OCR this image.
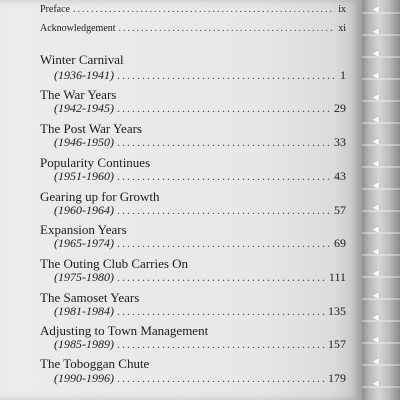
Preface .....	ix
Acknowledgement .....	xi
Winter Carnival
(1936-1941) .....	1
The War Years
(1942-1945) .....	29
The Post War Years
(1946-1950) .....	33
Popularity Continues
(1951-1960) .....	43
Gearing up for Growth
(1960-1964) .....	57
Expansion Years
(1965-1974) .....	69
The Outing Club Carries On
(1975-1980) .....	111
The Samoset Years
(1981-1984) .....	135
Adjusting to Town Management
(1985-1989) .....	157
The Toboggan Chute
(1990-1996) .....	179
◀
◀
◀
◀
◀
◀
◀
◀
◀
◀
◀
◀
◀
◀
◀
◀
◀
◀
